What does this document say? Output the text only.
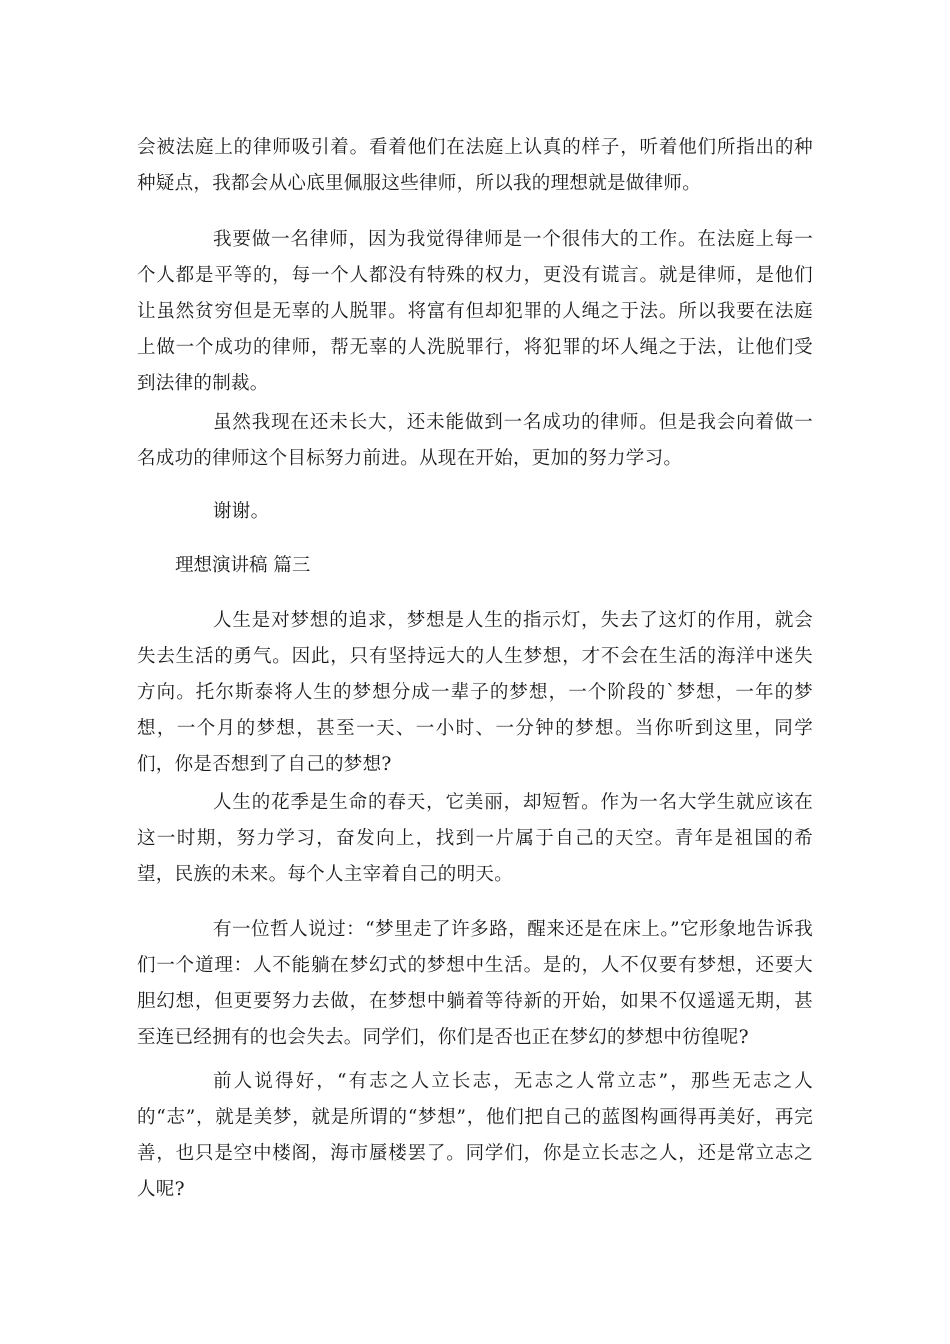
会被法庭上的律师吸引着。看着他们在法庭上认真的样子，听着他们所指出的种种疑点，我都会从心底里佩服这些律师，所以我的理想就是做律师。

我要做一名律师，因为我觉得律师是一个很伟大的工作。在法庭上每一个人都是平等的，每一个人都没有特殊的权力，更没有谎言。就是律师，是他们让虽然贫穷但是无辜的人脱罪。将富有但却犯罪的人绳之于法。所以我要在法庭上做一个成功的律师，帮无辜的人洗脱罪行，将犯罪的坏人绳之于法，让他们受到法律的制裁。

虽然我现在还未长大，还未能做到一名成功的律师。但是我会向着做一名成功的律师这个目标努力前进。从现在开始，更加的努力学习。

谢谢。

理想演讲稿 篇三

人生是对梦想的追求，梦想是人生的指示灯，失去了这灯的作用，就会失去生活的勇气。因此，只有坚持远大的人生梦想，才不会在生活的海洋中迷失方向。托尔斯泰将人生的梦想分成一辈子的梦想，一个阶段的`梦想，一年的梦想，一个月的梦想，甚至一天、一小时、一分钟的梦想。当你听到这里，同学们，你是否想到了自己的梦想?

人生的花季是生命的春天，它美丽，却短暂。作为一名大学生就应该在这一时期，努力学习，奋发向上，找到一片属于自己的天空。青年是祖国的希望，民族的未来。每个人主宰着自己的明天。

有一位哲人说过：“梦里走了许多路，醒来还是在床上。”它形象地告诉我们一个道理：人不能躺在梦幻式的梦想中生活。是的，人不仅要有梦想，还要大胆幻想，但更要努力去做，在梦想中躺着等待新的开始，如果不仅遥遥无期，甚至连已经拥有的也会失去。同学们，你们是否也正在梦幻的梦想中彷徨呢?

前人说得好，“有志之人立长志，无志之人常立志”，那些无志之人的“志”，就是美梦，就是所谓的“梦想”，他们把自己的蓝图构画得再美好，再完善，也只是空中楼阁，海市蜃楼罢了。同学们，你是立长志之人，还是常立志之人呢?
